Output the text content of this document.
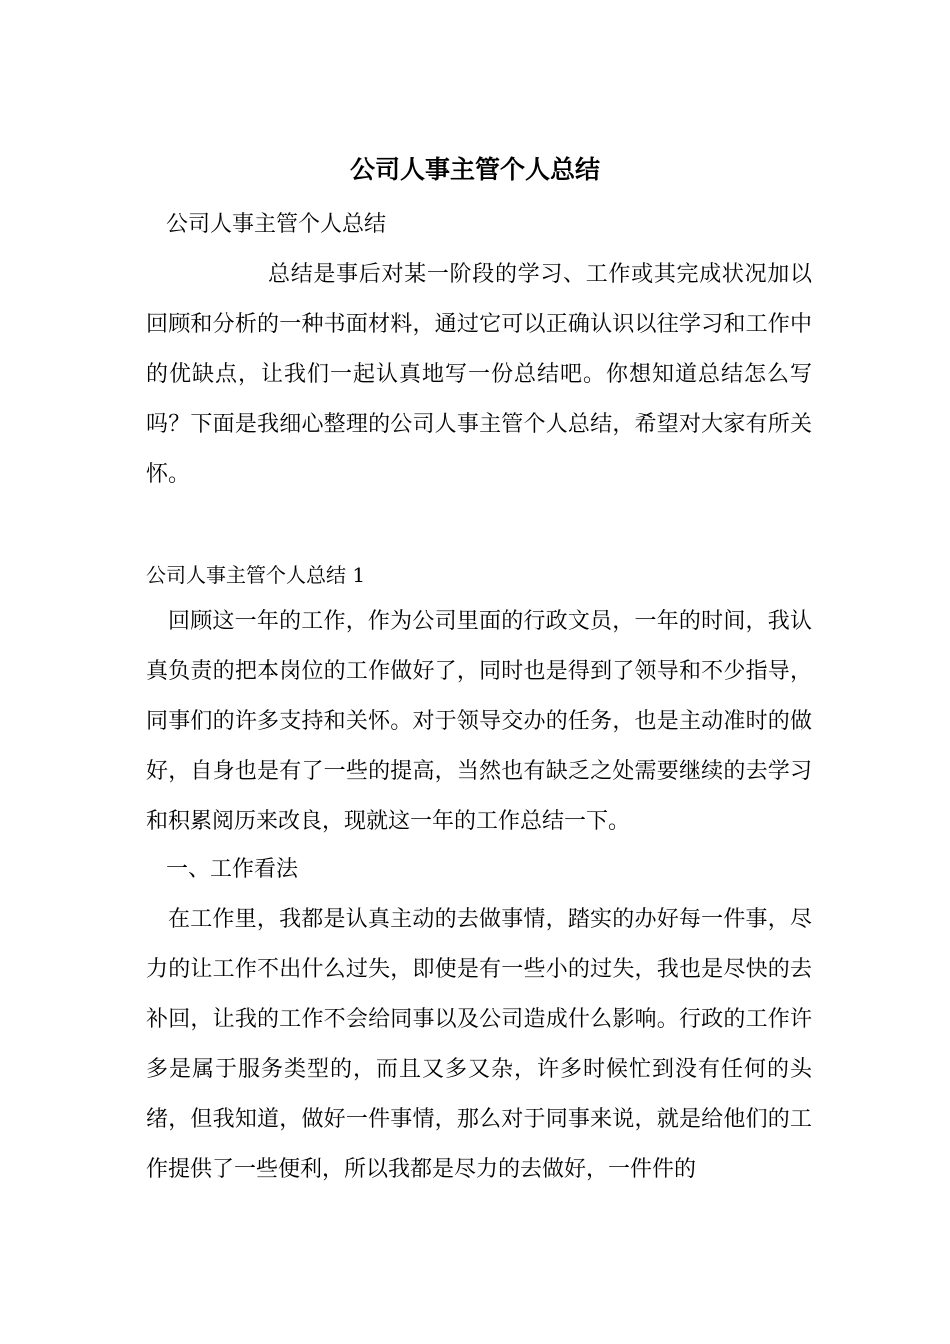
公司人事主管个人总结

公司人事主管个人总结

总结是事后对某一阶段的学习、工作或其完成状况加以回顾和分析的一种书面材料，通过它可以正确认识以往学习和工作中的优缺点，让我们一起认真地写一份总结吧。你想知道总结怎么写吗？下面是我细心整理的公司人事主管个人总结，希望对大家有所关怀。

公司人事主管个人总结 1

回顾这一年的工作，作为公司里面的行政文员，一年的时间，我认真负责的把本岗位的工作做好了，同时也是得到了领导和不少指导，同事们的许多支持和关怀。对于领导交办的任务，也是主动准时的做好，自身也是有了一些的提高，当然也有缺乏之处需要继续的去学习和积累阅历来改良，现就这一年的工作总结一下。

一、工作看法

在工作里，我都是认真主动的去做事情，踏实的办好每一件事，尽力的让工作不出什么过失，即使是有一些小的过失，我也是尽快的去补回，让我的工作不会给同事以及公司造成什么影响。行政的工作许多是属于服务类型的，而且又多又杂，许多时候忙到没有任何的头绪，但我知道，做好一件事情，那么对于同事来说，就是给他们的工作提供了一些便利，所以我都是尽力的去做好，一件件的
